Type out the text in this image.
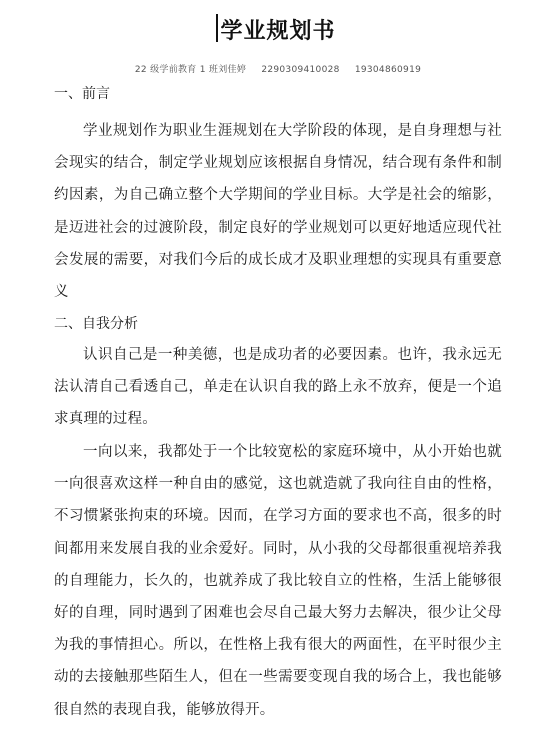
学业规划书
22 级学前教育 1 班刘佳婷 2290309410028 19304860919
一、前言
学业规划作为职业生涯规划在大学阶段的体现，是自身理想与社会现实的结合，制定学业规划应该根据自身情况，结合现有条件和制约因素，为自己确立整个大学期间的学业目标。大学是社会的缩影，是迈进社会的过渡阶段，制定良好的学业规划可以更好地适应现代社会发展的需要，对我们今后的成长成才及职业理想的实现具有重要意义
二、自我分析
认识自己是一种美德，也是成功者的必要因素。也许，我永远无法认清自己看透自己，单走在认识自我的路上永不放弃，便是一个追求真理的过程。
一向以来，我都处于一个比较宽松的家庭环境中，从小开始也就一向很喜欢这样一种自由的感觉，这也就造就了我向往自由的性格，不习惯紧张拘束的环境。因而，在学习方面的要求也不高，很多的时间都用来发展自我的业余爱好。同时，从小我的父母都很重视培养我的自理能力，长久的，也就养成了我比较自立的性格，生活上能够很好的自理，同时遇到了困难也会尽自己最大努力去解决，很少让父母为我的事情担心。所以，在性格上我有很大的两面性，在平时很少主动的去接触那些陌生人，但在一些需要变现自我的场合上，我也能够很自然的表现自我，能够放得开。
